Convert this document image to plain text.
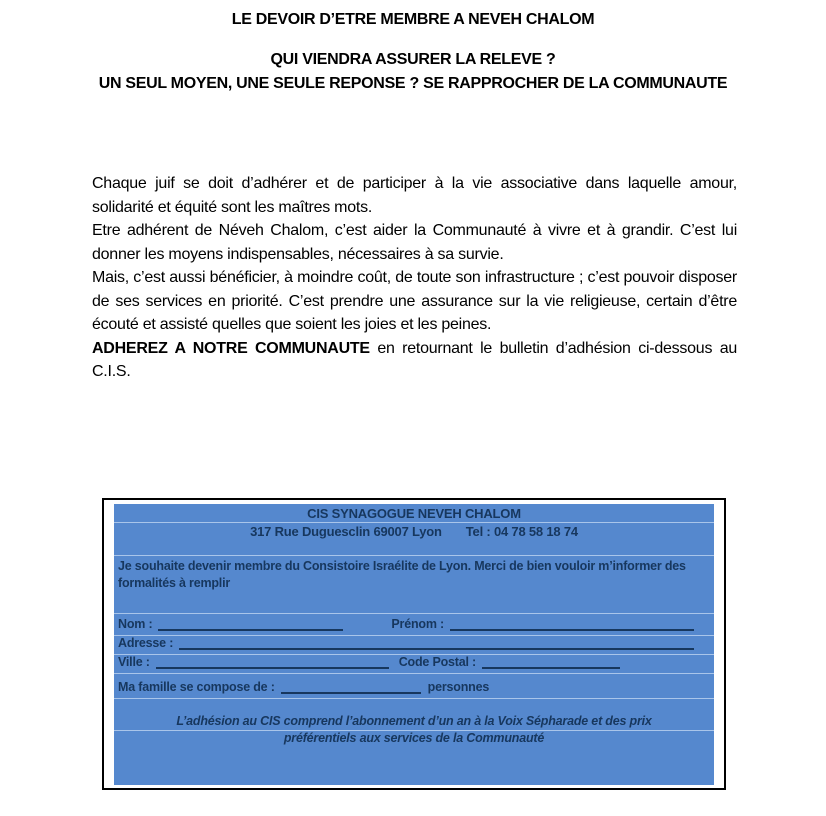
LE DEVOIR D’ETRE MEMBRE A NEVEH CHALOM
QUI VIENDRA ASSURER LA RELEVE ?
UN SEUL MOYEN, UNE SEULE REPONSE ? SE RAPPROCHER DE LA COMMUNAUTE

Chaque juif se doit d’adhérer et de participer à la vie associative dans laquelle amour, solidarité et équité sont les maîtres mots.

Etre adhérent de Néveh Chalom, c’est aider la Communauté à vivre et à grandir. C’est lui donner les moyens indispensables, nécessaires à sa survie.

Mais, c’est aussi bénéficier, à moindre coût, de toute son infrastructure ; c’est pouvoir disposer de ses services en priorité. C’est prendre une assurance sur la vie religieuse, certain d’être écouté et assisté quelles que soient les joies et les peines.

ADHEREZ A NOTRE COMMUNAUTE en retournant le bulletin d’adhésion ci-dessous au C.I.S.

CIS SYNAGOGUE NEVEH CHALOM
317 Rue Duguesclin 69007 Lyon Tel : 04 78 58 18 74
Je souhaite devenir membre du Consistoire Israélite de Lyon. Merci de bien vouloir m’informer des formalités à remplir
Nom :	Prénom :
Adresse :
Ville :	Code Postal :
Ma famille se compose de :	personnes
L’adhésion au CIS comprend l’abonnement d’un an à la Voix Sépharade et des prix
préférentiels aux services de la Communauté
